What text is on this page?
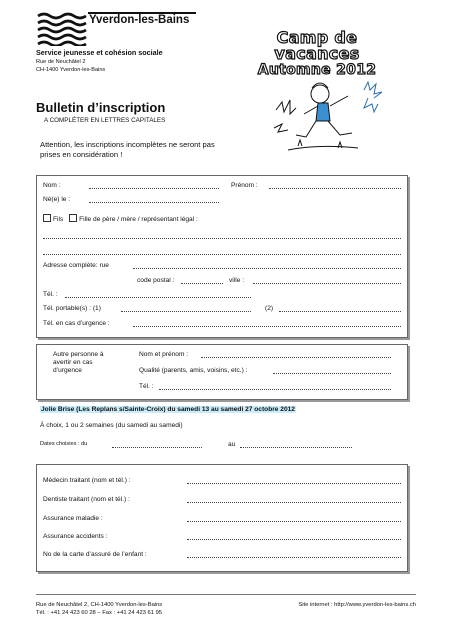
Yverdon-les-Bains
Service jeunesse et cohésion sociale
Rue de Neuchâtel 2
CH-1400 Yverdon-les-Bains
Camp de vacances
Automne 2012
Bulletin d’inscription
A COMPLÉTER EN LETTRES CAPITALES
Attention, les inscriptions incomplètes ne seront pas prises en considération !
Nom :	Prénom :
Né(e) le :
Fils Fille de père / mère / représentant légal :
Adresse complète: rue
code postal :	ville :
Tél. :
Tél. portable(s) : (1)	(2)
Tél. en cas d’urgence :
Autre personne à
avertir en cas
d’urgence
Nom et prénom :
Qualité (parents, amis, voisins, etc.) :
Tél. :
Jolie Brise (Les Replans s/Sainte-Croix) du samedi 13 au samedi 27 octobre 2012
À choix, 1 ou 2 semaines (du samedi au samedi)
Dates choisies : du	au
Médecin traitant (nom et tél.) :
Dentiste traitant (nom et tél.) :
Assurance maladie :
Assurance accidents :
No de la carte d’assuré de l’enfant :
Rue de Neuchâtel 2, CH-1400 Yverdon-les-Bains
Tél. : +41 24 423 60 28 – Fax : +41 24 423 61 95
Site internet : http://www.yverdon-les-bains.ch
